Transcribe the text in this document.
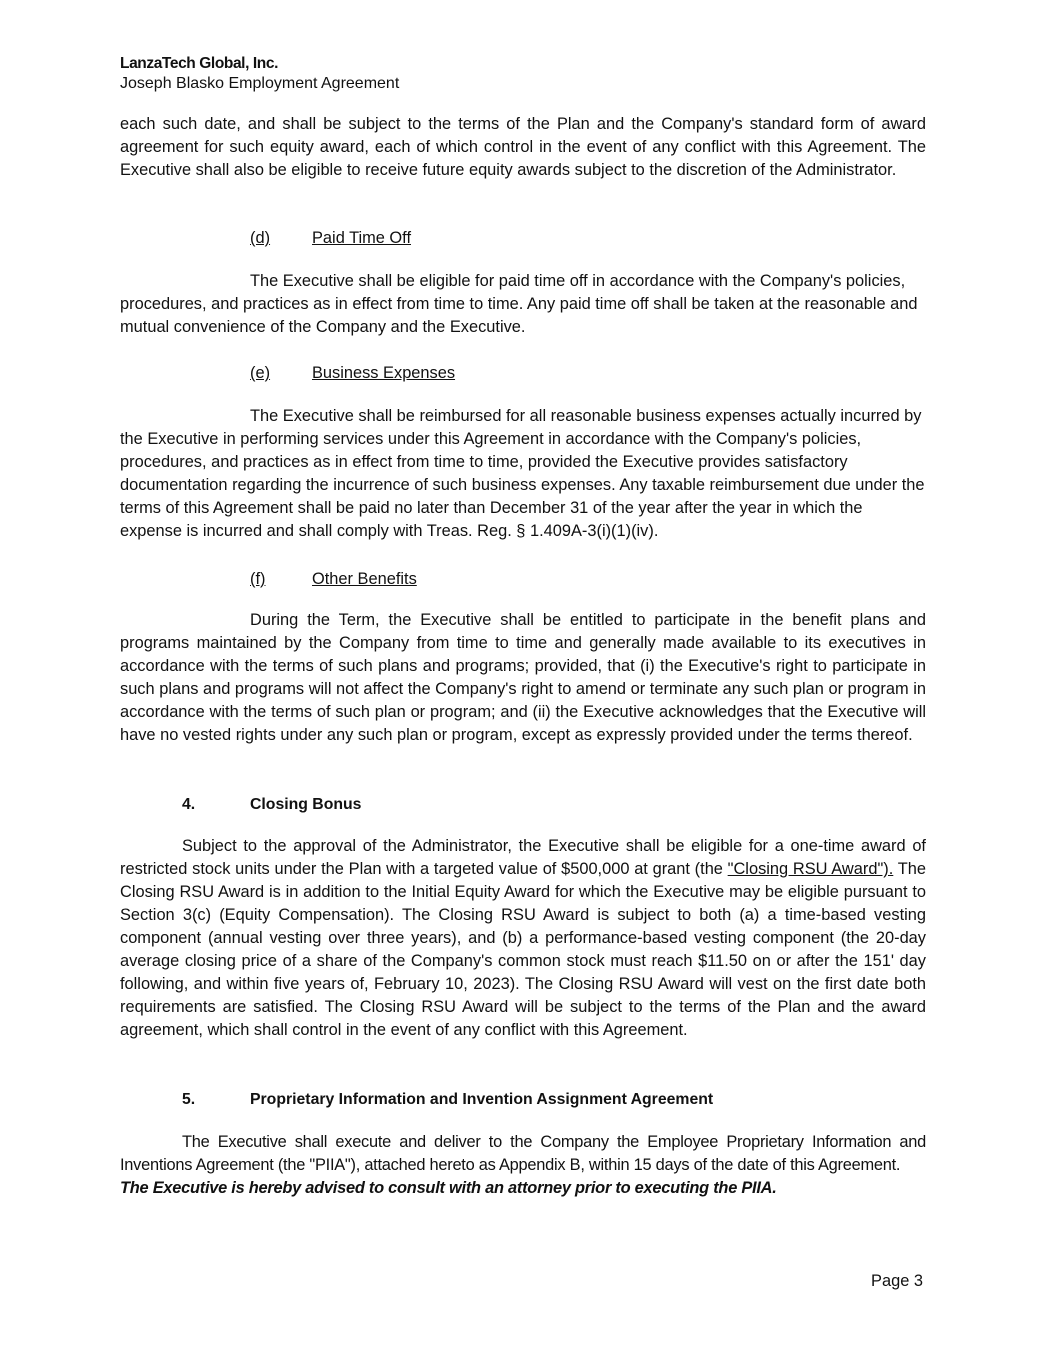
LanzaTech Global, Inc.
Joseph Blasko Employment Agreement

each such date, and shall be subject to the terms of the Plan and the Company's standard form of award agreement for such equity award, each of which control in the event of any conflict with this Agreement. The Executive shall also be eligible to receive future equity awards subject to the discretion of the Administrator.

(d)	Paid Time Off

The Executive shall be eligible for paid time off in accordance with the Company's policies, procedures, and practices as in effect from time to time. Any paid time off shall be taken at the reasonable and mutual convenience of the Company and the Executive.

(e)	Business Expenses

The Executive shall be reimbursed for all reasonable business expenses actually incurred by the Executive in performing services under this Agreement in accordance with the Company's policies, procedures, and practices as in effect from time to time, provided the Executive provides satisfactory documentation regarding the incurrence of such business expenses. Any taxable reimbursement due under the terms of this Agreement shall be paid no later than December 31 of the year after the year in which the expense is incurred and shall comply with Treas. Reg. § 1.409A-3(i)(1)(iv).

(f)	Other Benefits

During the Term, the Executive shall be entitled to participate in the benefit plans and programs maintained by the Company from time to time and generally made available to its executives in accordance with the terms of such plans and programs; provided, that (i) the Executive's right to participate in such plans and programs will not affect the Company's right to amend or terminate any such plan or program in accordance with the terms of such plan or program; and (ii) the Executive acknowledges that the Executive will have no vested rights under any such plan or program, except as expressly provided under the terms thereof.

4.	Closing Bonus

Subject to the approval of the Administrator, the Executive shall be eligible for a one-time award of restricted stock units under the Plan with a targeted value of $500,000 at grant (the "Closing RSU Award"). The Closing RSU Award is in addition to the Initial Equity Award for which the Executive may be eligible pursuant to Section 3(c) (Equity Compensation). The Closing RSU Award is subject to both (a) a time-based vesting component (annual vesting over three years), and (b) a performance-based vesting component (the 20-day average closing price of a share of the Company's common stock must reach $11.50 on or after the 151' day following, and within five years of, February 10, 2023). The Closing RSU Award will vest on the first date both requirements are satisfied. The Closing RSU Award will be subject to the terms of the Plan and the award agreement, which shall control in the event of any conflict with this Agreement.

5.	Proprietary Information and Invention Assignment Agreement

The Executive shall execute and deliver to the Company the Employee Proprietary Information and Inventions Agreement (the "PIIA"), attached hereto as Appendix B, within 15 days of the date of this Agreement.
The Executive is hereby advised to consult with an attorney prior to executing the PIIA.

Page 3
